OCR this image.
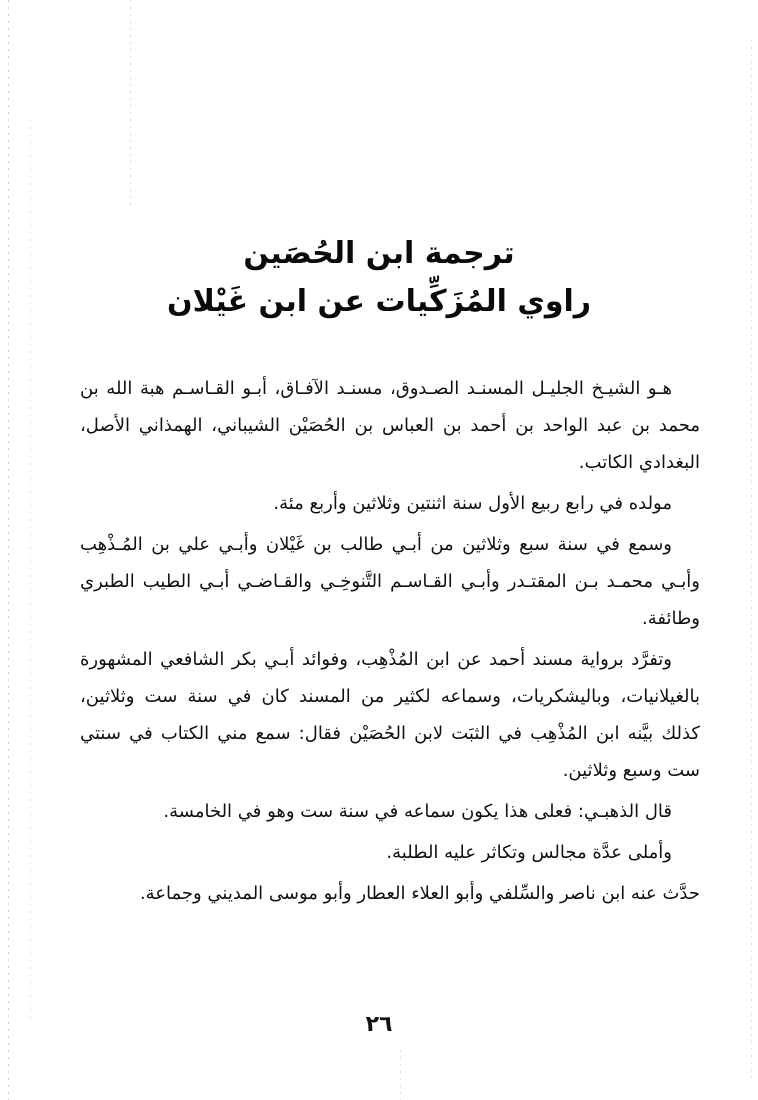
ترجمة ابن الحُصَين
راوي المُزَكِّيات عن ابن غَيْلان

هـو الشيـخ الجليـل المسنـد الصـدوق، مسنـد الآفـاق، أبـو القـاسـم هبة الله بن محمد بن عبد الواحد بن أحمد بن العباس بن الحُصَيْن الشيباني، الهمذاني الأصل، البغدادي الكاتب.

مولده في رابع ربيع الأول سنة اثنتين وثلاثين وأربع مئة.

وسمع في سنة سبع وثلاثين من أبـي طالب بن غَيْلان وأبـي علي بن المُـذْهِب وأبـي محمـد بـن المقتـدر وأبـي القـاسـم التَّنوخِـي والقـاضـي أبـي الطيب الطبري وطائفة.

وتفرَّد برواية مسند أحمد عن ابن المُذْهِب، وفوائد أبـي بكر الشافعي المشهورة بالغيلانيات، وباليشكريات، وسماعه لكثير من المسند كان في سنة ست وثلاثين، كذلك بيَّنه ابن المُذْهِب في الثبَت لابن الحُصَيْن فقال: سمع مني الكتاب في سنتي ست وسبع وثلاثين.

قال الذهبـي: فعلى هذا يكون سماعه في سنة ست وهو في الخامسة.

وأملى عدَّة مجالس وتكاثر عليه الطلبة.

حدَّث عنه ابن ناصر والسِّلفي وأبو العلاء العطار وأبو موسى المديني وجماعة.

٢٦
